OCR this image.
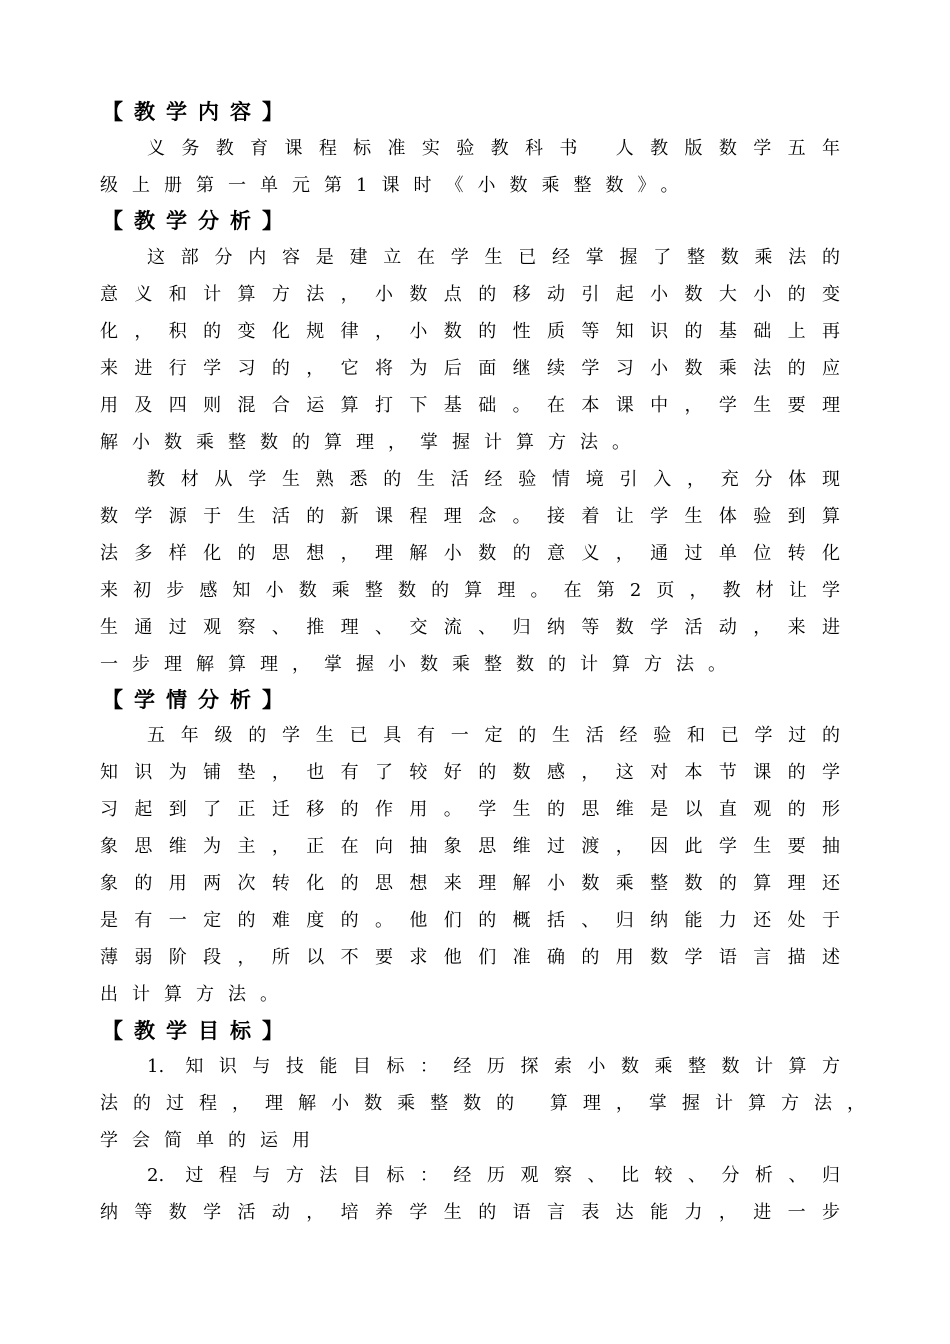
【教学内容】
义务教育课程标准实验教科书 人教版数学五年
级上册第一单元第1课时《小数乘整数》。
【教学分析】
这部分内容是建立在学生已经掌握了整数乘法的
意义和计算方法，小数点的移动引起小数大小的变
化，积的变化规律，小数的性质等知识的基础上再
来进行学习的，它将为后面继续学习小数乘法的应
用及四则混合运算打下基础。在本课中，学生要理
解小数乘整数的算理，掌握计算方法。
教材从学生熟悉的生活经验情境引入，充分体现
数学源于生活的新课程理念。接着让学生体验到算
法多样化的思想，理解小数的意义，通过单位转化
来初步感知小数乘整数的算理。在第2页，教材让学
生通过观察、推理、交流、归纳等数学活动，来进
一步理解算理，掌握小数乘整数的计算方法。
【学情分析】
五年级的学生已具有一定的生活经验和已学过的
知识为铺垫，也有了较好的数感，这对本节课的学
习起到了正迁移的作用。学生的思维是以直观的形
象思维为主，正在向抽象思维过渡，因此学生要抽
象的用两次转化的思想来理解小数乘整数的算理还
是有一定的难度的。他们的概括、归纳能力还处于
薄弱阶段，所以不要求他们准确的用数学语言描述
出计算方法。
【教学目标】
1. 知识与技能目标：经历探索小数乘整数计算方
法的过程，理解小数乘整数的 算理，掌握计算方法，
学会简单的运用
2. 过程与方法目标：经历观察、比较、分析、归
纳等数学活动，培养学生的语言表达能力，进一步
